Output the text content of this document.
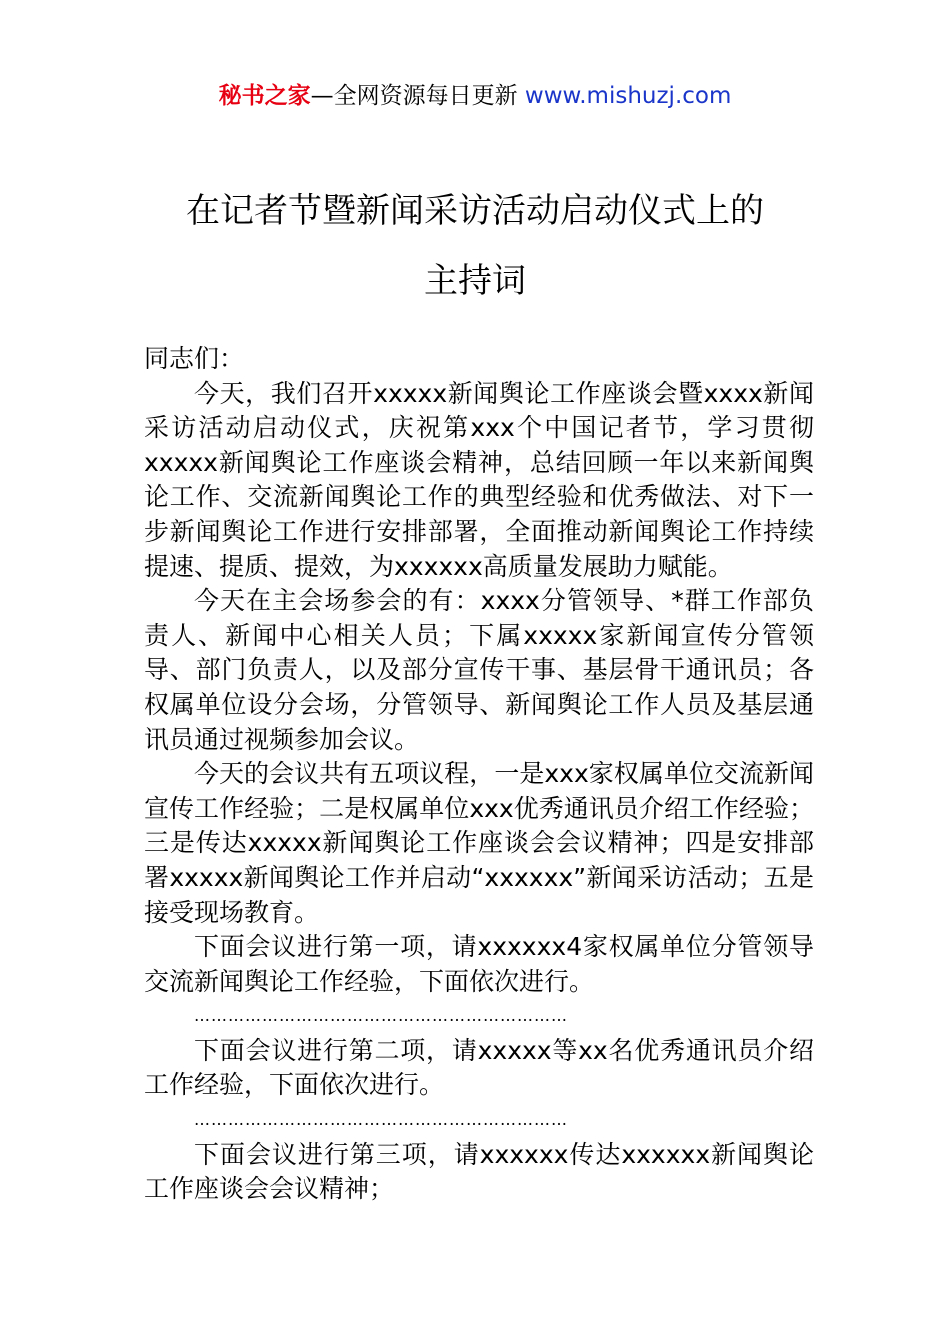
秘书之家—全网资源每日更新 www.mishuzj.com
在记者节暨新闻采访活动启动仪式上的
主持词

同志们：

今天，我们召开xxxxx新闻舆论工作座谈会暨xxxx新闻采访活动启动仪式，庆祝第xxx个中国记者节，学习贯彻xxxxx新闻舆论工作座谈会精神，总结回顾一年以来新闻舆论工作、交流新闻舆论工作的典型经验和优秀做法、对下一步新闻舆论工作进行安排部署，全面推动新闻舆论工作持续提速、提质、提效，为xxxxxx高质量发展助力赋能。

今天在主会场参会的有：xxxx分管领导、*群工作部负责人、新闻中心相关人员；下属xxxxx家新闻宣传分管领导、部门负责人，以及部分宣传干事、基层骨干通讯员；各权属单位设分会场，分管领导、新闻舆论工作人员及基层通讯员通过视频参加会议。

今天的会议共有五项议程，一是xxx家权属单位交流新闻宣传工作经验；二是权属单位xxx优秀通讯员介绍工作经验；三是传达xxxxx新闻舆论工作座谈会会议精神；四是安排部署xxxxx新闻舆论工作并启动“xxxxxx”新闻采访活动；五是接受现场教育。

下面会议进行第一项，请xxxxxx4家权属单位分管领导交流新闻舆论工作经验，下面依次进行。

…………………………………………………………

下面会议进行第二项，请xxxxx等xx名优秀通讯员介绍工作经验，下面依次进行。

…………………………………………………………

下面会议进行第三项，请xxxxxx传达xxxxxx新闻舆论工作座谈会会议精神；
